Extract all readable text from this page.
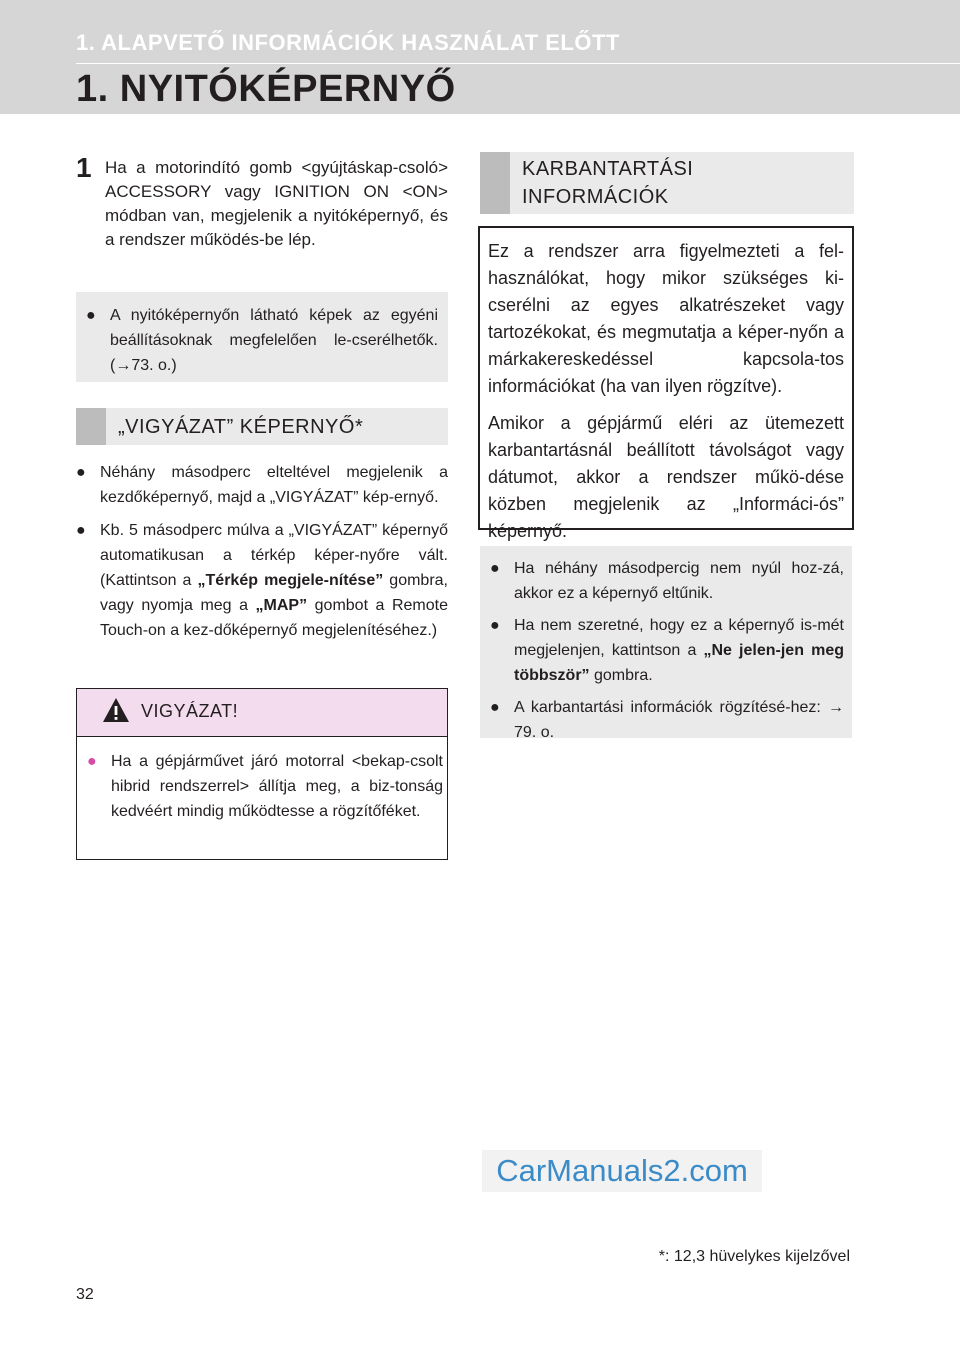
1. ALAPVETŐ INFORMÁCIÓK HASZNÁLAT ELŐTT
1. NYITÓKÉPERNYŐ
1 Ha a motorindító gomb <gyújtáskap-csoló> ACCESSORY vagy IGNITION ON <ON> módban van, megjelenik a nyitóképernyő, és a rendszer működés-be lép.

● A nyitóképernyőn látható képek az egyéni beállításoknak megfelelően le-cserélhetők. (→73. o.)

„VIGYÁZAT” KÉPERNYŐ*

● Néhány másodperc elteltével megjelenik a kezdőképernyő, majd a „VIGYÁZAT” kép-ernyő.

● Kb. 5 másodperc múlva a „VIGYÁZAT” képernyő automatikusan a térkép képer-nyőre vált. (Kattintson a „Térkép megjele-nítése” gombra, vagy nyomja meg a „MAP” gombot a Remote Touch-on a kez-dőképernyő megjelenítéséhez.)

VIGYÁZAT!

● Ha a gépjárművet járó motorral <bekap-csolt hibrid rendszerrel> állítja meg, a biz-tonság kedvéért mindig működtesse a rögzítőféket.

KARBANTARTÁSI INFORMÁCIÓK

Ez a rendszer arra figyelmezteti a fel-használókat, hogy mikor szükséges ki-cserélni az egyes alkatrészeket vagy tartozékokat, és megmutatja a képer-nyőn a márkakereskedéssel kapcsola-tos információkat (ha van ilyen rögzítve).

Amikor a gépjármű eléri az ütemezett karbantartásnál beállított távolságot vagy dátumot, akkor a rendszer műkö-dése közben megjelenik az „Informáci-ós” képernyő.

● Ha néhány másodpercig nem nyúl hoz-zá, akkor ez a képernyő eltűnik.

● Ha nem szeretné, hogy ez a képernyő is-mét megjelenjen, kattintson a „Ne jelen-jen meg többször” gombra.

● A karbantartási információk rögzítésé-hez: → 79. o.

CarManuals2.com
*: 12,3 hüvelykes kijelzővel
32
